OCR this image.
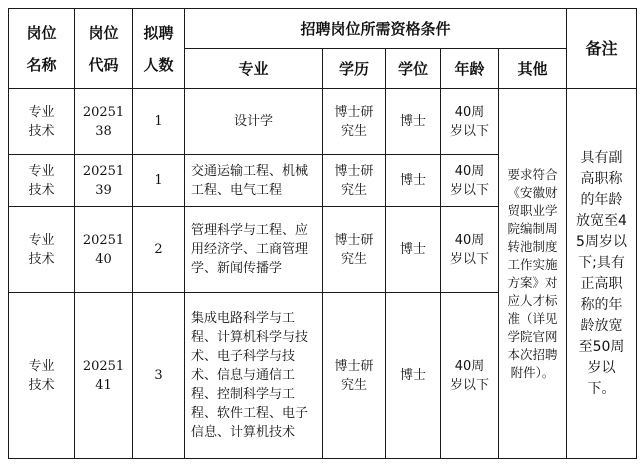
岗位名称	岗位代码	拟聘人数	招聘岗位所需资格条件					备注
			专业	学历	学位	年龄	其他	

专业技术	2025138	1	设计学	博士研究生	博士	40周岁以下	要求符合《安徽财贸职业学院编制周转池制度工作实施方案》对应人才标准（详见学院官网本次招聘附件）。	具有副高职称的年龄放宽至45周岁以下;具有正高职称的年龄放宽至50周岁以下。

专业技术	2025139	1	交通运输工程、机械工程、电气工程	博士研究生	博士	40周岁以下		

专业技术	2025140	2	管理科学与工程、应用经济学、工商管理学、新闻传播学	博士研究生	博士	40周岁以下		

专业技术	2025141	3	集成电路科学与工程、计算机科学与技术、电子科学与技术、信息与通信工程、控制科学与工程、软件工程、电子信息、计算机技术	博士研究生	博士	40周岁以下		
